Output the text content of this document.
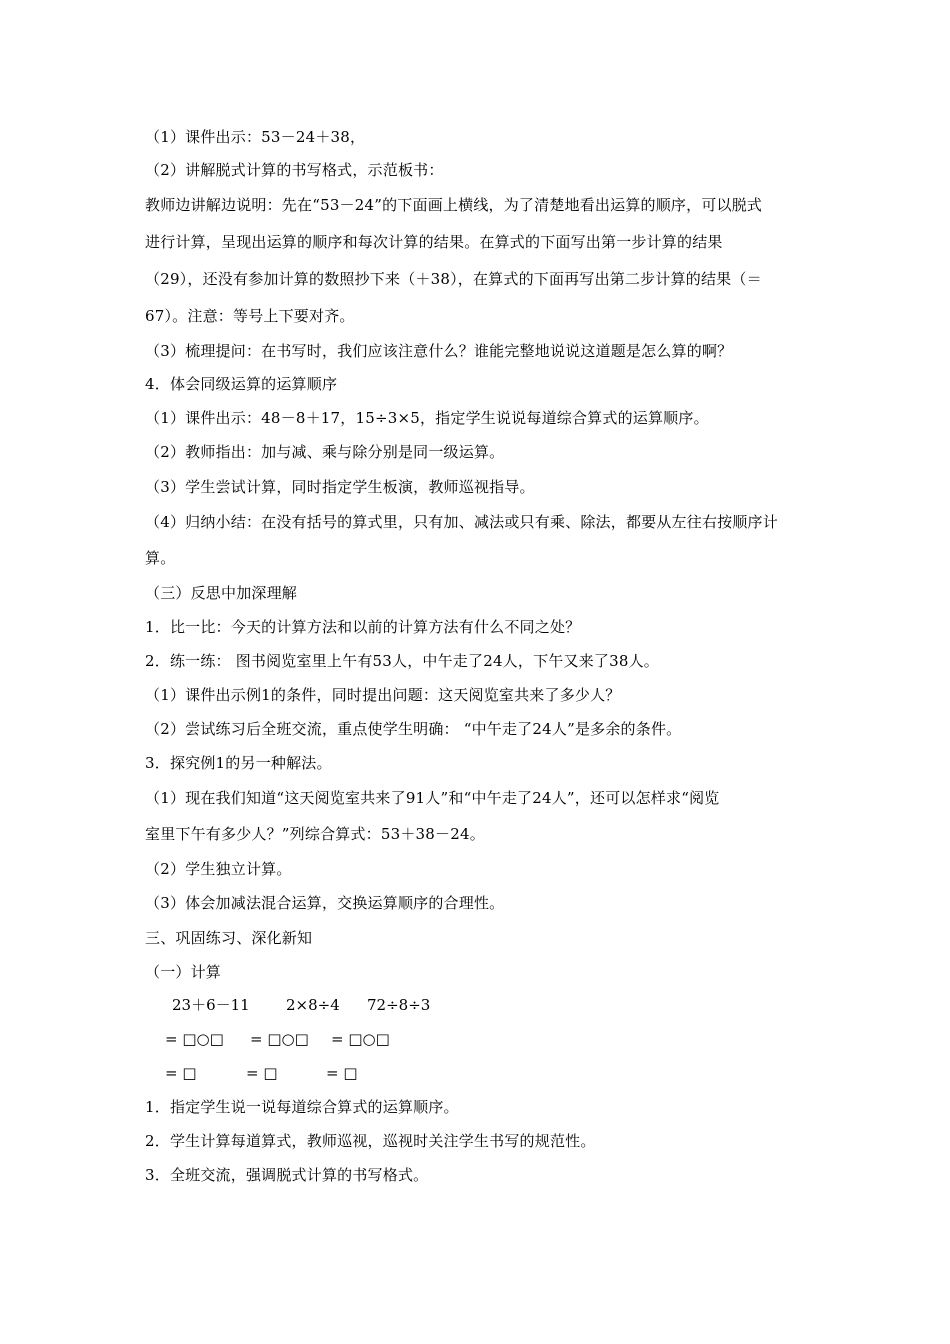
（1）课件出示：53－24＋38，
（2）讲解脱式计算的书写格式，示范板书：
教师边讲解边说明：先在“53－24”的下面画上横线，为了清楚地看出运算的顺序，可以脱式
进行计算，呈现出运算的顺序和每次计算的结果。在算式的下面写出第一步计算的结果
（29），还没有参加计算的数照抄下来（＋38），在算式的下面再写出第二步计算的结果（＝
67）。注意：等号上下要对齐。
（3）梳理提问：在书写时，我们应该注意什么？谁能完整地说说这道题是怎么算的啊？
4．体会同级运算的运算顺序
（1）课件出示：48－8＋17，15÷3×5，指定学生说说每道综合算式的运算顺序。
（2）教师指出：加与减、乘与除分别是同一级运算。
（3）学生尝试计算，同时指定学生板演，教师巡视指导。
（4）归纳小结：在没有括号的算式里，只有加、减法或只有乘、除法，都要从左往右按顺序计
算。
（三）反思中加深理解
1．比一比：今天的计算方法和以前的计算方法有什么不同之处？
2．练一练： 图书阅览室里上午有53人，中午走了24人，下午又来了38人。
（1）课件出示例1的条件，同时提出问题：这天阅览室共来了多少人？
（2）尝试练习后全班交流，重点使学生明确： “中午走了24人”是多余的条件。
3．探究例1的另一种解法。
（1）现在我们知道“这天阅览室共来了91人”和“中午走了24人”，还可以怎样求“阅览
室里下午有多少人？”列综合算式：53＋38－24。
（2）学生独立计算。
（3）体会加减法混合运算，交换运算顺序的合理性。
三、巩固练习、深化新知
（一）计算
23＋6－11 2×8÷4 72÷8÷3
= □○□ = □○□ = □○□
= □	= □	= □
1．指定学生说一说每道综合算式的运算顺序。
2．学生计算每道算式，教师巡视，巡视时关注学生书写的规范性。
3．全班交流，强调脱式计算的书写格式。
